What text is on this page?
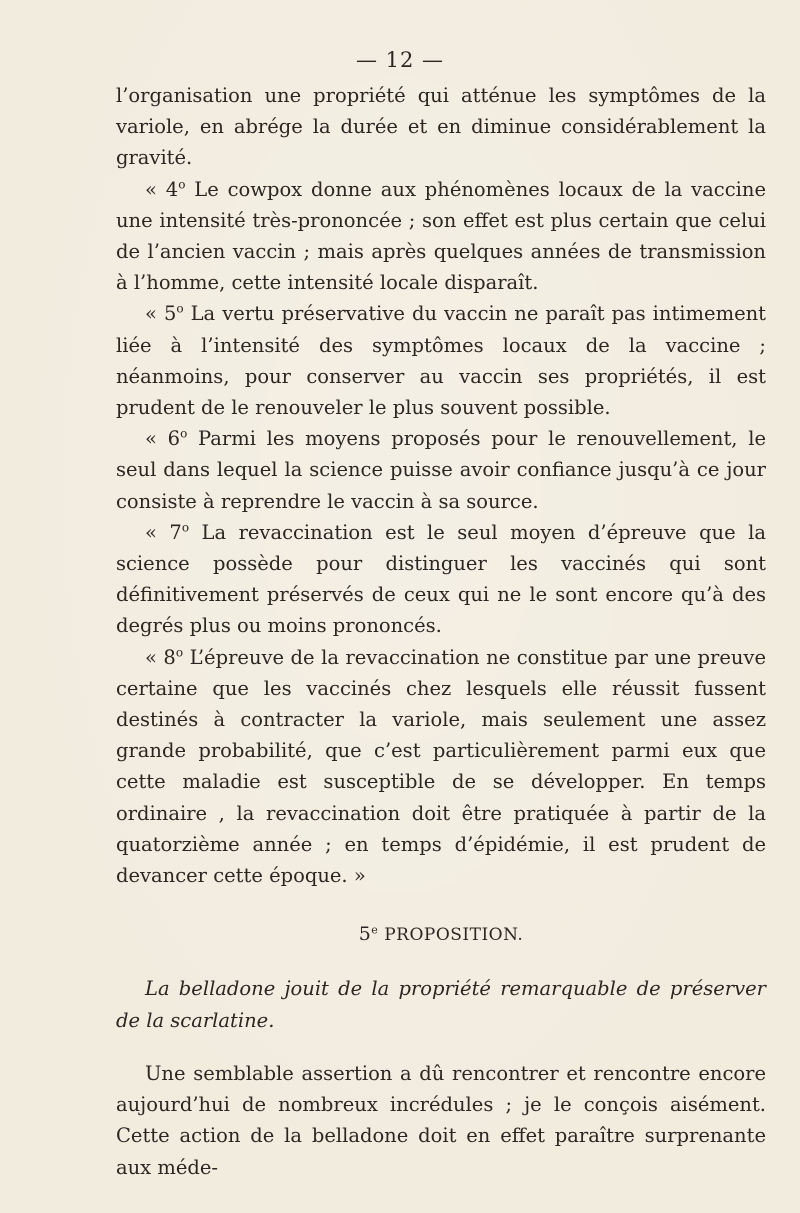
— 12 —

l’organisation une propriété qui atténue les symptômes de la variole, en abrége la durée et en diminue considérablement la gravité.

« 4$^o$ Le cowpox donne aux phénomènes locaux de la vaccine une intensité très-prononcée ; son effet est plus certain que celui de l’ancien vaccin ; mais après quelques années de transmission à l’homme, cette intensité locale disparaît.

« 5$^o$ La vertu préservative du vaccin ne paraît pas intimement liée à l’intensité des symptômes locaux de la vaccine ; néanmoins, pour conserver au vaccin ses propriétés, il est prudent de le renouveler le plus souvent possible.

« 6$^o$ Parmi les moyens proposés pour le renouvellement, le seul dans lequel la science puisse avoir confiance jusqu’à ce jour consiste à reprendre le vaccin à sa source.

« 7$^o$ La revaccination est le seul moyen d’épreuve que la science possède pour distinguer les vaccinés qui sont définitivement préservés de ceux qui ne le sont encore qu’à des degrés plus ou moins prononcés.

« 8$^o$ L’épreuve de la revaccination ne constitue par une preuve certaine que les vaccinés chez lesquels elle réussit fussent destinés à contracter la variole, mais seulement une assez grande probabilité, que c’est particulièrement parmi eux que cette maladie est susceptible de se développer. En temps ordinaire , la revaccination doit être pratiquée à partir de la quatorzième année ; en temps d’épidémie, il est prudent de devancer cette époque. »

5e PROPOSITION.

La belladone jouit de la propriété remarquable de préserver de la scarlatine.

Une semblable assertion a dû rencontrer et rencontre encore aujourd’hui de nombreux incrédules ; je le conçois aisément. Cette action de la belladone doit en effet paraître surprenante aux méde-
